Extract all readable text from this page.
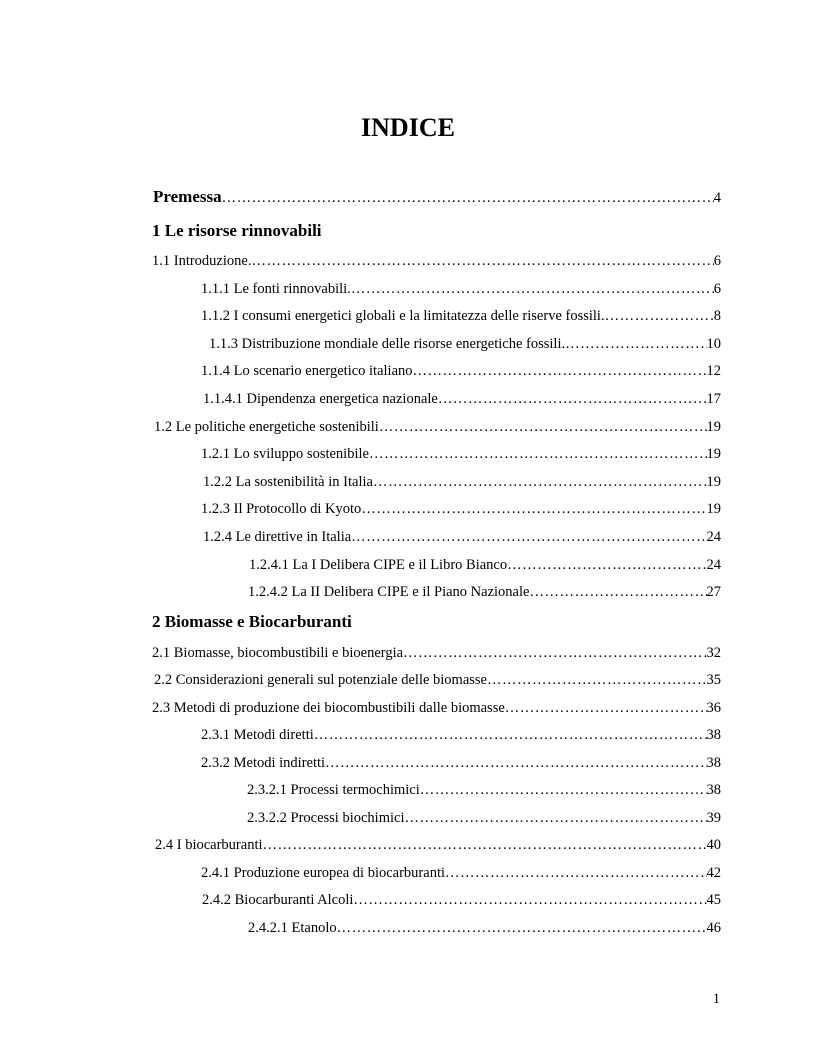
INDICE
Premessa ……………………………………………………………………………………………………………………………………………………………………………………………………	4
1 Le risorse rinnovabili
1.1 Introduzione. ……………………………………………………………………………………………………………………………………………………………………………………………………	6
1.1.1 Le fonti rinnovabili. ……………………………………………………………………………………………………………………………………………………………………………………………………	6
1.1.2 I consumi energetici globali e la limitatezza delle riserve fossili. ……………………………………………………………………………………………………………………………………………………………………………………………………	8
1.1.3 Distribuzione mondiale delle risorse energetiche fossili. ……………………………………………………………………………………………………………………………………………………………………………………………………	10
1.1.4 Lo scenario energetico italiano ……………………………………………………………………………………………………………………………………………………………………………………………………	12
1.1.4.1 Dipendenza energetica nazionale ……………………………………………………………………………………………………………………………………………………………………………………………………	17
1.2 Le politiche energetiche sostenibili ……………………………………………………………………………………………………………………………………………………………………………………………………	19
1.2.1 Lo sviluppo sostenibile ……………………………………………………………………………………………………………………………………………………………………………………………………	19
1.2.2 La sostenibilità in Italia ……………………………………………………………………………………………………………………………………………………………………………………………………	19
1.2.3 Il Protocollo di Kyoto ……………………………………………………………………………………………………………………………………………………………………………………………………	19
1.2.4 Le direttive in Italia ……………………………………………………………………………………………………………………………………………………………………………………………………	24
1.2.4.1 La I Delibera CIPE e il Libro Bianco ……………………………………………………………………………………………………………………………………………………………………………………………………	24
1.2.4.2 La II Delibera CIPE e il Piano Nazionale ……………………………………………………………………………………………………………………………………………………………………………………………………	27
2 Biomasse e Biocarburanti
2.1 Biomasse, biocombustibili e bioenergia ……………………………………………………………………………………………………………………………………………………………………………………………………	32
2.2 Considerazioni generali sul potenziale delle biomasse ……………………………………………………………………………………………………………………………………………………………………………………………………	35
2.3 Metodi di produzione dei biocombustibili dalle biomasse ……………………………………………………………………………………………………………………………………………………………………………………………………	36
2.3.1 Metodi diretti ……………………………………………………………………………………………………………………………………………………………………………………………………	38
2.3.2 Metodi indiretti ……………………………………………………………………………………………………………………………………………………………………………………………………	38
2.3.2.1 Processi termochimici ……………………………………………………………………………………………………………………………………………………………………………………………………	38
2.3.2.2 Processi biochimici ……………………………………………………………………………………………………………………………………………………………………………………………………	39
2.4 I biocarburanti ……………………………………………………………………………………………………………………………………………………………………………………………………	40
2.4.1 Produzione europea di biocarburanti ……………………………………………………………………………………………………………………………………………………………………………………………………	42
2.4.2 Biocarburanti Alcoli ……………………………………………………………………………………………………………………………………………………………………………………………………	45
2.4.2.1 Etanolo ……………………………………………………………………………………………………………………………………………………………………………………………………	46
1
